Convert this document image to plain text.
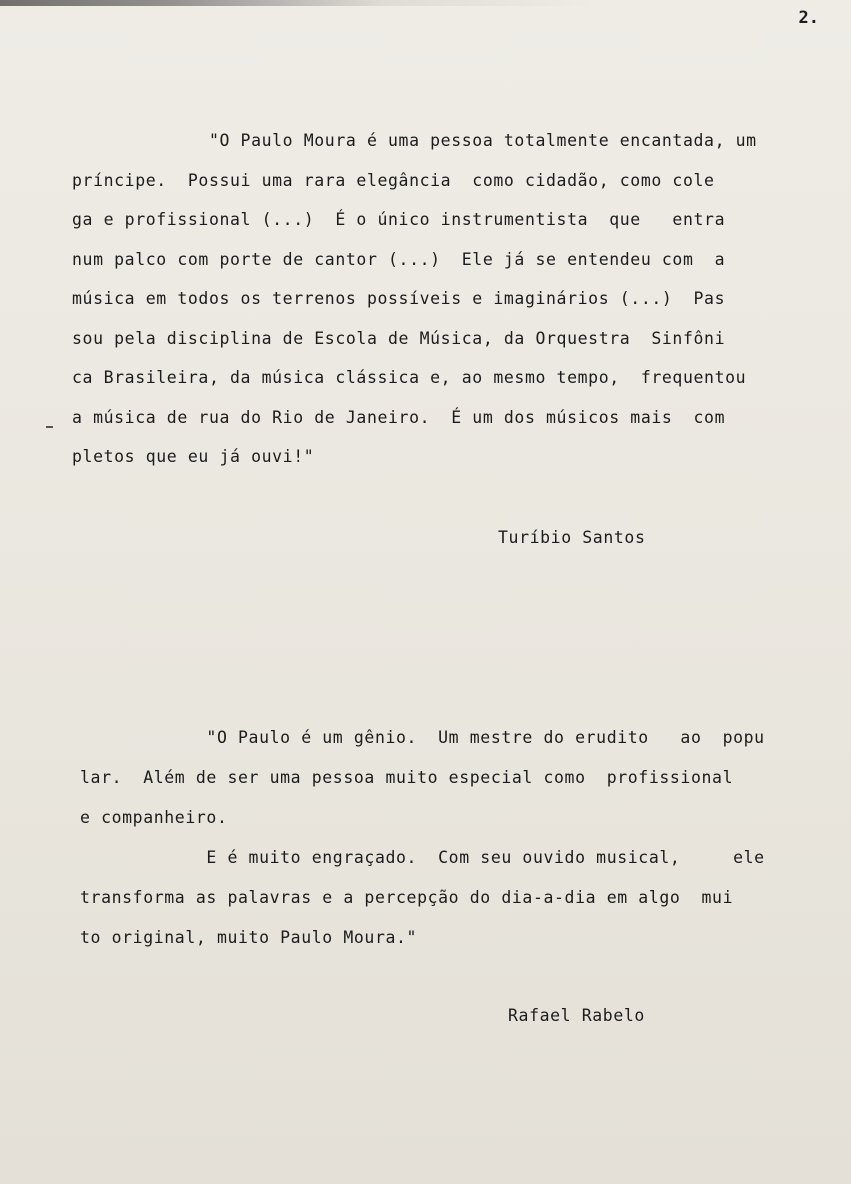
2.
"O Paulo Moura é uma pessoa totalmente encantada, um
príncipe.  Possui uma rara elegância  como cidadão, como cole
ga e profissional (...)  É o único instrumentista  que   entra
num palco com porte de cantor (...)  Ele já se entendeu com  a
música em todos os terrenos possíveis e imaginários (...)  Pas
sou pela disciplina de Escola de Música, da Orquestra  Sinfôni
ca Brasileira, da música clássica e, ao mesmo tempo,  frequentou
a música de rua do Rio de Janeiro.  É um dos músicos mais  com
pletos que eu já ouvi!"
Turíbio Santos
"O Paulo é um gênio.  Um mestre do erudito   ao  popu
lar.  Além de ser uma pessoa muito especial como  profissional
e companheiro.
E é muito engraçado.  Com seu ouvido musical,     ele
transforma as palavras e a percepção do dia-a-dia em algo  mui
to original, muito Paulo Moura."
Rafael Rabelo
